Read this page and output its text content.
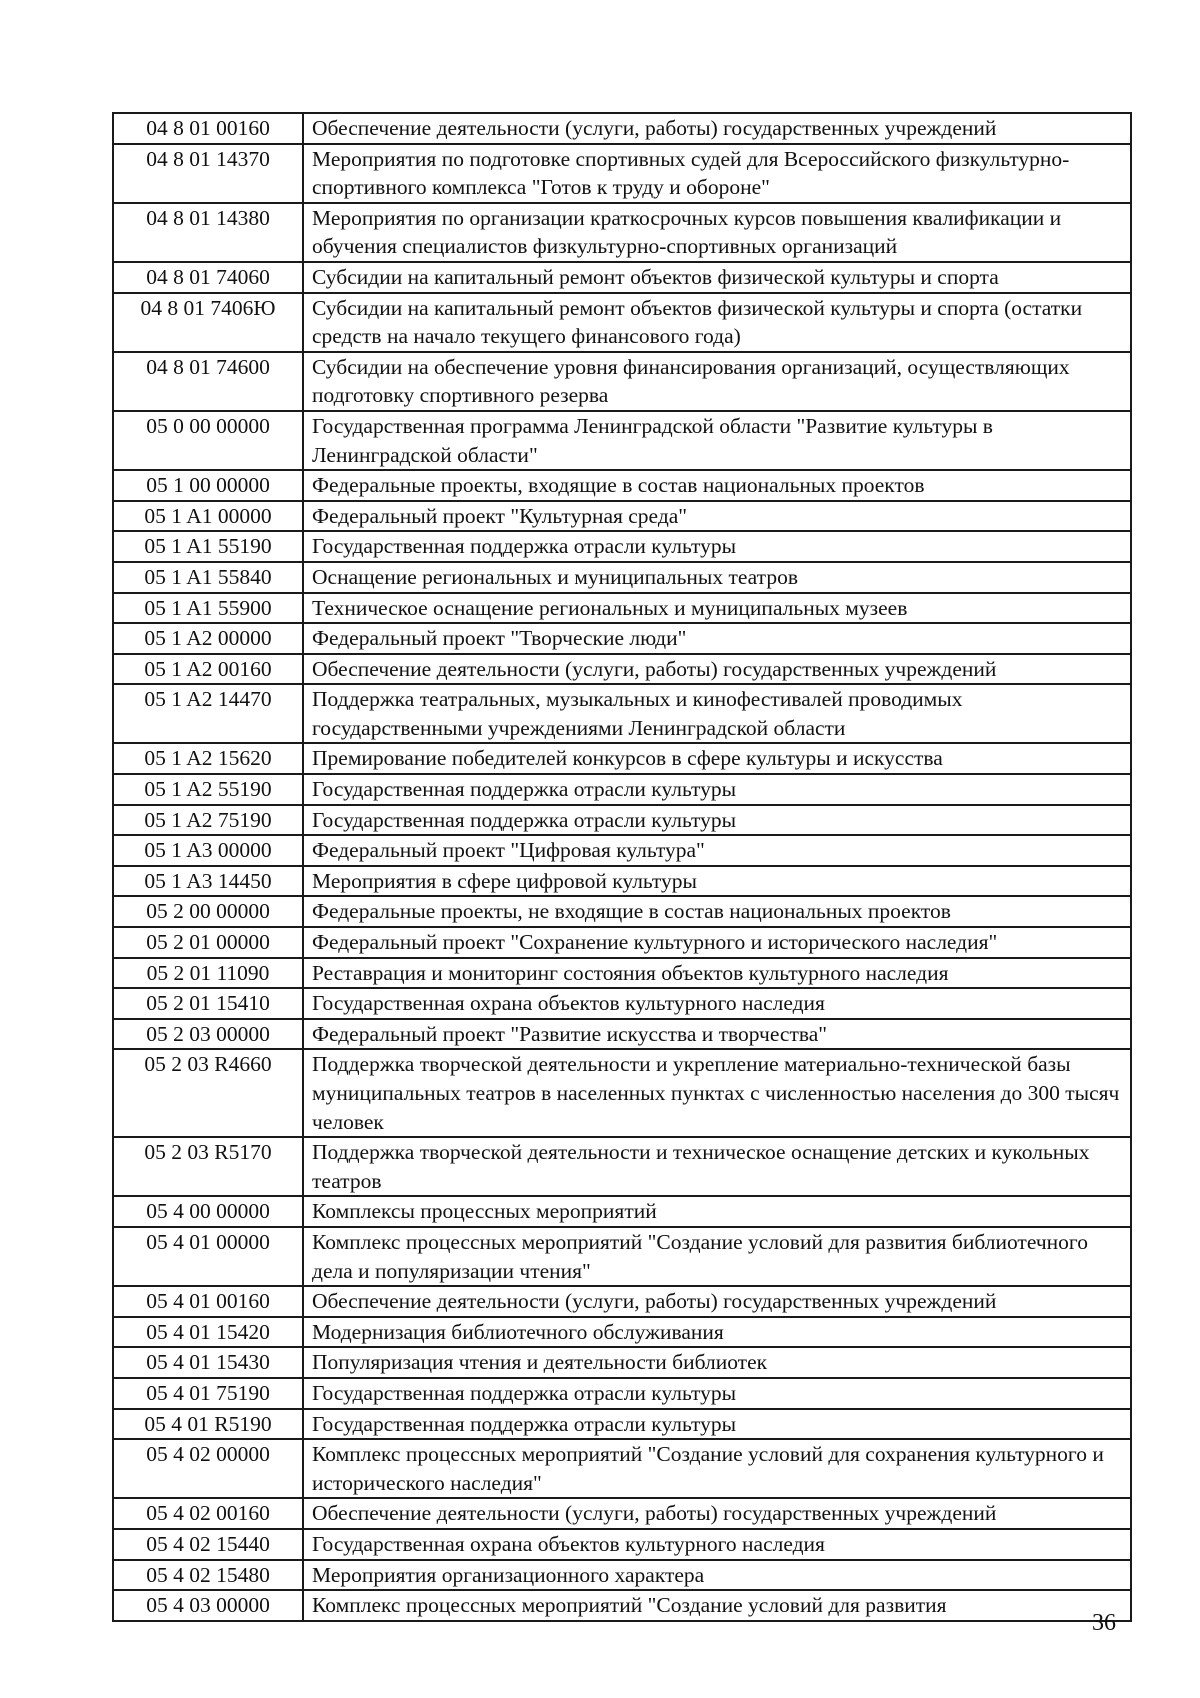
04 8 01 00160	Обеспечение деятельности (услуги, работы) государственных учреждений
04 8 01 14370	Мероприятия по подготовке спортивных судей для Всероссийского физкультурно-спортивного комплекса "Готов к труду и обороне"
04 8 01 14380	Мероприятия по организации краткосрочных курсов повышения квалификации и обучения специалистов физкультурно-спортивных организаций
04 8 01 74060	Субсидии на капитальный ремонт объектов физической культуры и спорта
04 8 01 7406Ю	Субсидии на капитальный ремонт объектов физической культуры и спорта (остатки средств на начало текущего финансового года)
04 8 01 74600	Субсидии на обеспечение уровня финансирования организаций, осуществляющих подготовку спортивного резерва
05 0 00 00000	Государственная программа Ленинградской области "Развитие культуры в Ленинградской области"
05 1 00 00000	Федеральные проекты, входящие в состав национальных проектов
05 1 A1 00000	Федеральный проект "Культурная среда"
05 1 A1 55190	Государственная поддержка отрасли культуры
05 1 A1 55840	Оснащение региональных и муниципальных театров
05 1 A1 55900	Техническое оснащение региональных и муниципальных музеев
05 1 A2 00000	Федеральный проект "Творческие люди"
05 1 A2 00160	Обеспечение деятельности (услуги, работы) государственных учреждений
05 1 A2 14470	Поддержка театральных, музыкальных и кинофестивалей проводимых государственными учреждениями Ленинградской области
05 1 A2 15620	Премирование победителей конкурсов в сфере культуры и искусства
05 1 A2 55190	Государственная поддержка отрасли культуры
05 1 A2 75190	Государственная поддержка отрасли культуры
05 1 A3 00000	Федеральный проект "Цифровая культура"
05 1 A3 14450	Мероприятия в сфере цифровой культуры
05 2 00 00000	Федеральные проекты, не входящие в состав национальных проектов
05 2 01 00000	Федеральный проект "Сохранение культурного и исторического наследия"
05 2 01 11090	Реставрация и мониторинг состояния объектов культурного наследия
05 2 01 15410	Государственная охрана объектов культурного наследия
05 2 03 00000	Федеральный проект "Развитие искусства и творчества"
05 2 03 R4660	Поддержка творческой деятельности и укрепление материально-технической базы муниципальных театров в населенных пунктах с численностью населения до 300 тысяч человек
05 2 03 R5170	Поддержка творческой деятельности и техническое оснащение детских и кукольных театров
05 4 00 00000	Комплексы процессных мероприятий
05 4 01 00000	Комплекс процессных мероприятий "Создание условий для развития библиотечного дела и популяризации чтения"
05 4 01 00160	Обеспечение деятельности (услуги, работы) государственных учреждений
05 4 01 15420	Модернизация библиотечного обслуживания
05 4 01 15430	Популяризация чтения и деятельности библиотек
05 4 01 75190	Государственная поддержка отрасли культуры
05 4 01 R5190	Государственная поддержка отрасли культуры
05 4 02 00000	Комплекс процессных мероприятий "Создание условий для сохранения культурного и исторического наследия"
05 4 02 00160	Обеспечение деятельности (услуги, работы) государственных учреждений
05 4 02 15440	Государственная охрана объектов культурного наследия
05 4 02 15480	Мероприятия организационного характера
05 4 03 00000	Комплекс процессных мероприятий "Создание условий для развития
36
